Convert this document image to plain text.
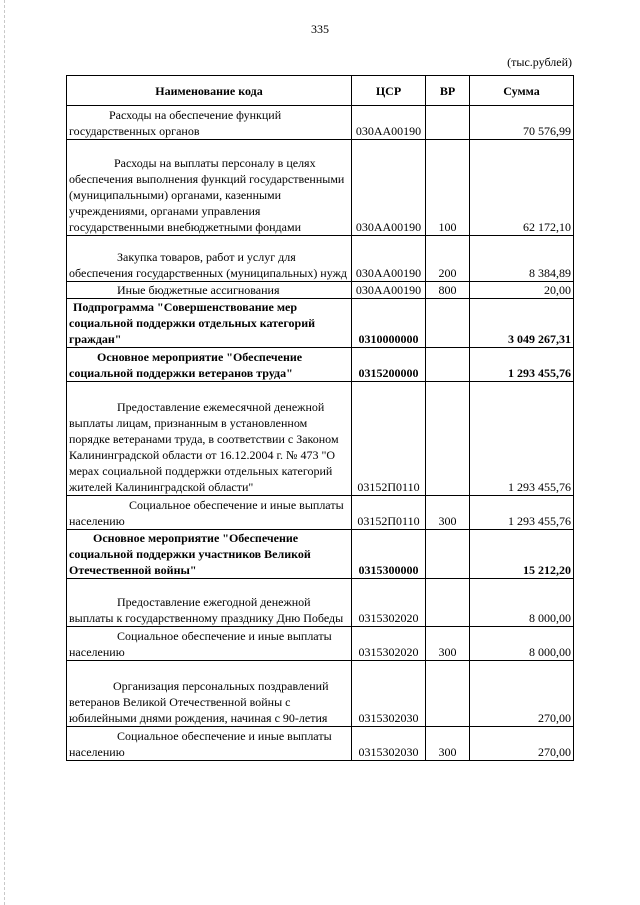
335
(тыс.рублей)
Наименование кода	ЦСР	ВР	Сумма
Расходы на обеспечение функций государственных органов	030АА00190		70 576,99
Расходы на выплаты персоналу в целях обеспечения выполнения функций государственными (муниципальными) органами, казенными учреждениями, органами управления государственными внебюджетными фондами	030АА00190	100	62 172,10
Закупка товаров, работ и услуг для обеспечения государственных (муниципальных) нужд	030АА00190	200	8 384,89
Иные бюджетные ассигнования	030АА00190	800	20,00
Подпрограмма "Совершенствование мер социальной поддержки отдельных категорий граждан"	0310000000		3 049 267,31
Основное мероприятие "Обеспечение социальной поддержки ветеранов труда"	0315200000		1 293 455,76
Предоставление ежемесячной денежной выплаты лицам, признанным в установленном порядке ветеранами труда, в соответствии с Законом Калининградской области от 16.12.2004 г. № 473 "О мерах социальной поддержки отдельных категорий жителей Калининградской области"	03152П0110		1 293 455,76
Социальное обеспечение и иные выплаты населению	03152П0110	300	1 293 455,76
Основное мероприятие "Обеспечение социальной поддержки участников Великой Отечественной войны"	0315300000		15 212,20
Предоставление ежегодной денежной выплаты к государственному празднику Дню Победы	0315302020		8 000,00
Социальное обеспечение и иные выплаты населению	0315302020	300	8 000,00
Организация персональных поздравлений ветеранов Великой Отечественной войны с юбилейными днями рождения, начиная с 90-летия	0315302030		270,00
Социальное обеспечение и иные выплаты населению	0315302030	300	270,00
